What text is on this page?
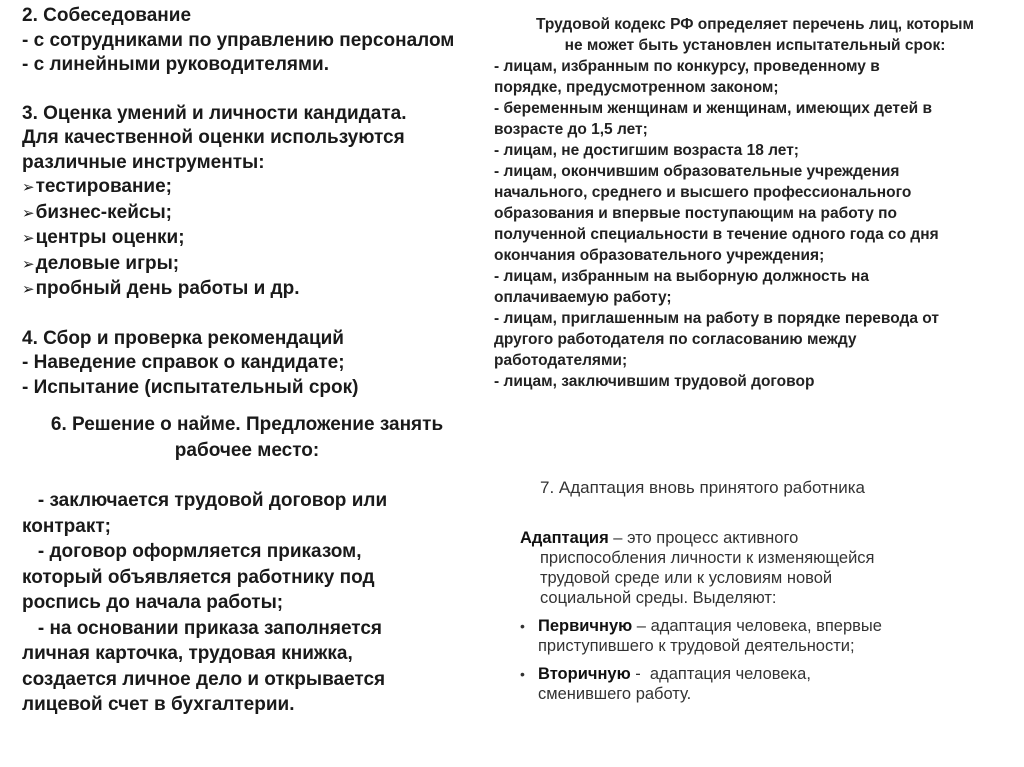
2. Собеседование
- с сотрудниками по управлению персоналом
- с линейными руководителями.
3. Оценка умений и личности кандидата.
Для качественной оценки используются
различные инструменты:
➢тестирование;
➢бизнес-кейсы;
➢центры оценки;
➢деловые игры;
➢пробный день работы и др.
4. Сбор и проверка рекомендаций
- Наведение справок о кандидате;
- Испытание (испытательный срок)
Трудовой кодекс РФ определяет перечень лиц, которым
не может быть установлен испытательный срок:
- лицам, избранным по конкурсу, проведенному в
порядке, предусмотренном законом;
- беременным женщинам и женщинам, имеющих детей в
возрасте до 1,5 лет;
- лицам, не достигшим возраста 18 лет;
- лицам, окончившим образовательные учреждения
начального, среднего и высшего профессионального
образования и впервые поступающим на работу по
полученной специальности в течение одного года со дня
окончания образовательного учреждения;
- лицам, избранным на выборную должность на
оплачиваемую работу;
- лицам, приглашенным на работу в порядке перевода от
другого работодателя по согласованию между
работодателями;
- лицам, заключившим трудовой договор
6. Решение о найме. Предложение занять
рабочее место:
- заключается трудовой договор или
контракт;
- договор оформляется приказом,
который объявляется работнику под
роспись до начала работы;
- на основании приказа заполняется
личная карточка, трудовая книжка,
создается личное дело и открывается
лицевой счет в бухгалтерии.
7. Адаптация вновь принятого работника
Адаптация – это процесс активного
приспособления личности к изменяющейся
трудовой среде или к условиям новой
социальной среды. Выделяют:
• Первичную – адаптация человека, впервые
приступившего к трудовой деятельности;
• Вторичную -  адаптация человека,
сменившего работу.
